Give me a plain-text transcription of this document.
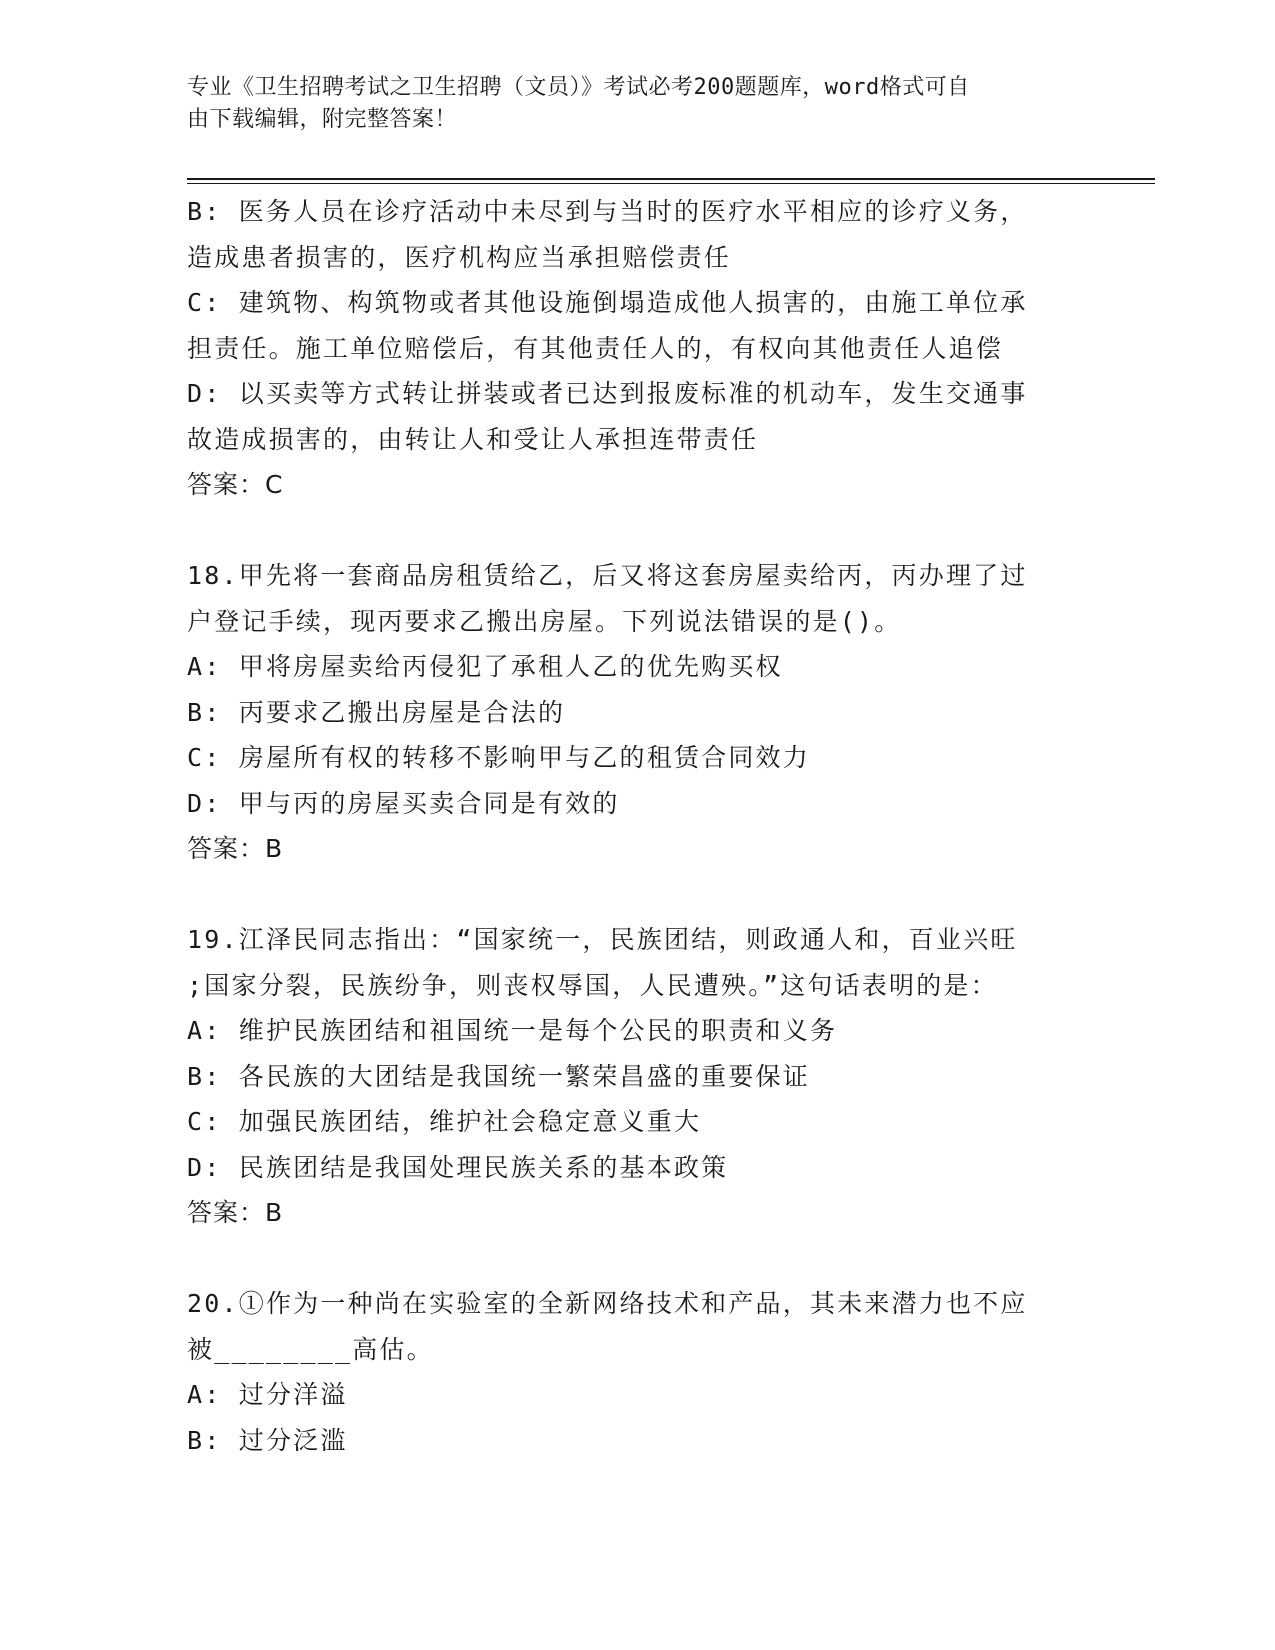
专业《卫生招聘考试之卫生招聘（文员）》考试必考200题题库，word格式可自
由下载编辑，附完整答案！
B: 医务人员在诊疗活动中未尽到与当时的医疗水平相应的诊疗义务，
造成患者损害的，医疗机构应当承担赔偿责任
C: 建筑物、构筑物或者其他设施倒塌造成他人损害的，由施工单位承
担责任。施工单位赔偿后，有其他责任人的，有权向其他责任人追偿
D: 以买卖等方式转让拼装或者已达到报废标准的机动车，发生交通事
故造成损害的，由转让人和受让人承担连带责任
答案：C
18.甲先将一套商品房租赁给乙，后又将这套房屋卖给丙，丙办理了过
户登记手续，现丙要求乙搬出房屋。下列说法错误的是()。
A: 甲将房屋卖给丙侵犯了承租人乙的优先购买权
B: 丙要求乙搬出房屋是合法的
C: 房屋所有权的转移不影响甲与乙的租赁合同效力
D: 甲与丙的房屋买卖合同是有效的
答案：B
19.江泽民同志指出：“国家统一，民族团结，则政通人和，百业兴旺
;国家分裂，民族纷争，则丧权辱国，人民遭殃。”这句话表明的是：
A: 维护民族团结和祖国统一是每个公民的职责和义务
B: 各民族的大团结是我国统一繁荣昌盛的重要保证
C: 加强民族团结，维护社会稳定意义重大
D: 民族团结是我国处理民族关系的基本政策
答案：B
20.①作为一种尚在实验室的全新网络技术和产品，其未来潜力也不应
被________高估。
A: 过分洋溢
B: 过分泛滥
